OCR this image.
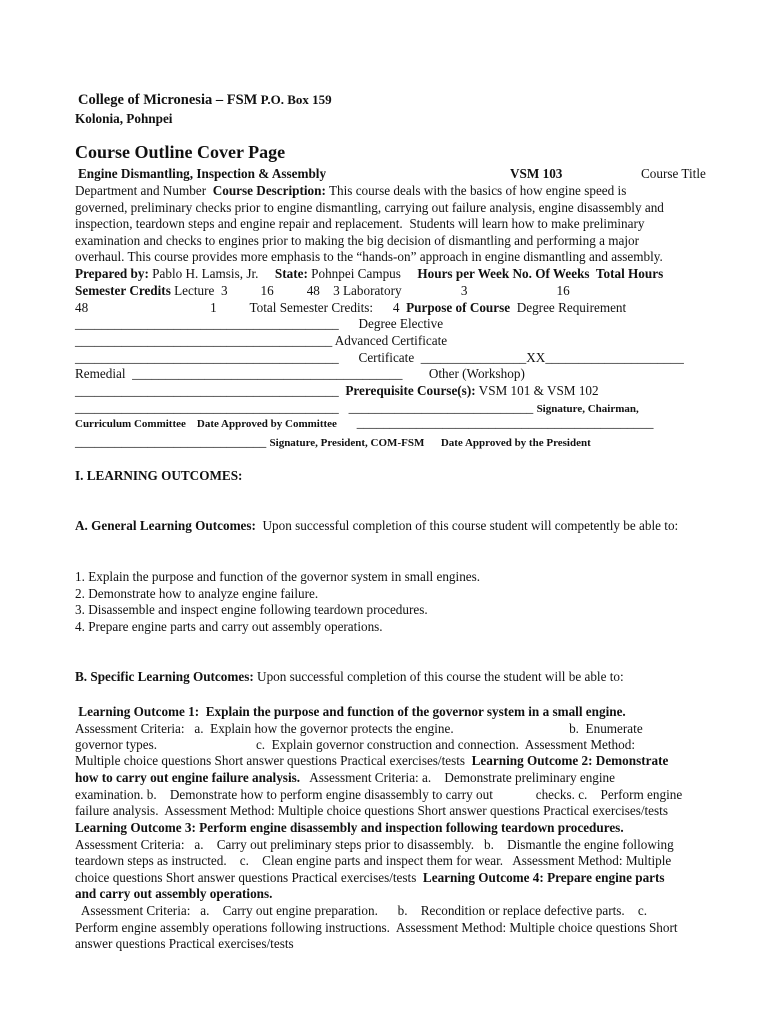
College of Micronesia – FSM P.O. Box 159
Kolonia, Pohnpei
Course Outline Cover Page
Engine Dismantling, Inspection & Assembly	VSM 103	Course Title
Department and Number Course Description: This course deals with the basics of how engine speed is
governed, preliminary checks prior to engine dismantling, carrying out failure analysis, engine disassembly and
inspection, teardown steps and engine repair and replacement.  Students will learn how to make preliminary
examination and checks to engines prior to making the big decision of dismantling and performing a major
overhaul. This course provides more emphasis to the “hands-on” approach in engine dismantling and assembly.
Prepared by: Pablo H. Lamsis, Jr.     State: Pohnpei Campus     Hours per Week No. Of Weeks  Total Hours
Semester Credits Lecture  3          16          48    3 Laboratory                  3                           16
48                                     1          Total Semester Credits:      4  Purpose of Course  Degree Requirement
________________________________________      Degree Elective
_______________________________________ Advanced Certificate
________________________________________      Certificate  ________________XX_____________________
Remedial  _________________________________________        Other (Workshop)
________________________________________  Prerequisite Course(s): VSM 101 & VSM 102
________________________________________   ____________________________ Signature, Chairman,
Curriculum Committee    Date Approved by Committee      _____________________________________________
_____________________________ Signature, President, COM-FSM      Date Approved by the President
I. LEARNING OUTCOMES:
A. General Learning Outcomes:  Upon successful completion of this course student will competently be able to:
1. Explain the purpose and function of the governor system in small engines.
2. Demonstrate how to analyze engine failure.
3. Disassemble and inspect engine following teardown procedures.
4. Prepare engine parts and carry out assembly operations.
B. Specific Learning Outcomes: Upon successful completion of this course the student will be able to:
Learning Outcome 1:  Explain the purpose and function of the governor system in a small engine.
Assessment Criteria:   a.  Explain how the governor protects the engine.                                   b.  Enumerate
governor types.                              c.  Explain governor construction and connection.  Assessment Method:
Multiple choice questions Short answer questions Practical exercises/tests  Learning Outcome 2: Demonstrate
how to carry out engine failure analysis.   Assessment Criteria: a.    Demonstrate preliminary engine
examination. b.    Demonstrate how to perform engine disassembly to carry out             checks. c.    Perform engine
failure analysis.  Assessment Method: Multiple choice questions Short answer questions Practical exercises/tests
Learning Outcome 3: Perform engine disassembly and inspection following teardown procedures.
Assessment Criteria:   a.    Carry out preliminary steps prior to disassembly.   b.    Dismantle the engine following
teardown steps as instructed.    c.    Clean engine parts and inspect them for wear.   Assessment Method: Multiple
choice questions Short answer questions Practical exercises/tests  Learning Outcome 4: Prepare engine parts
and carry out assembly operations.
Assessment Criteria:   a.    Carry out engine preparation.      b.    Recondition or replace defective parts.    c.
Perform engine assembly operations following instructions.  Assessment Method: Multiple choice questions Short
answer questions Practical exercises/tests
